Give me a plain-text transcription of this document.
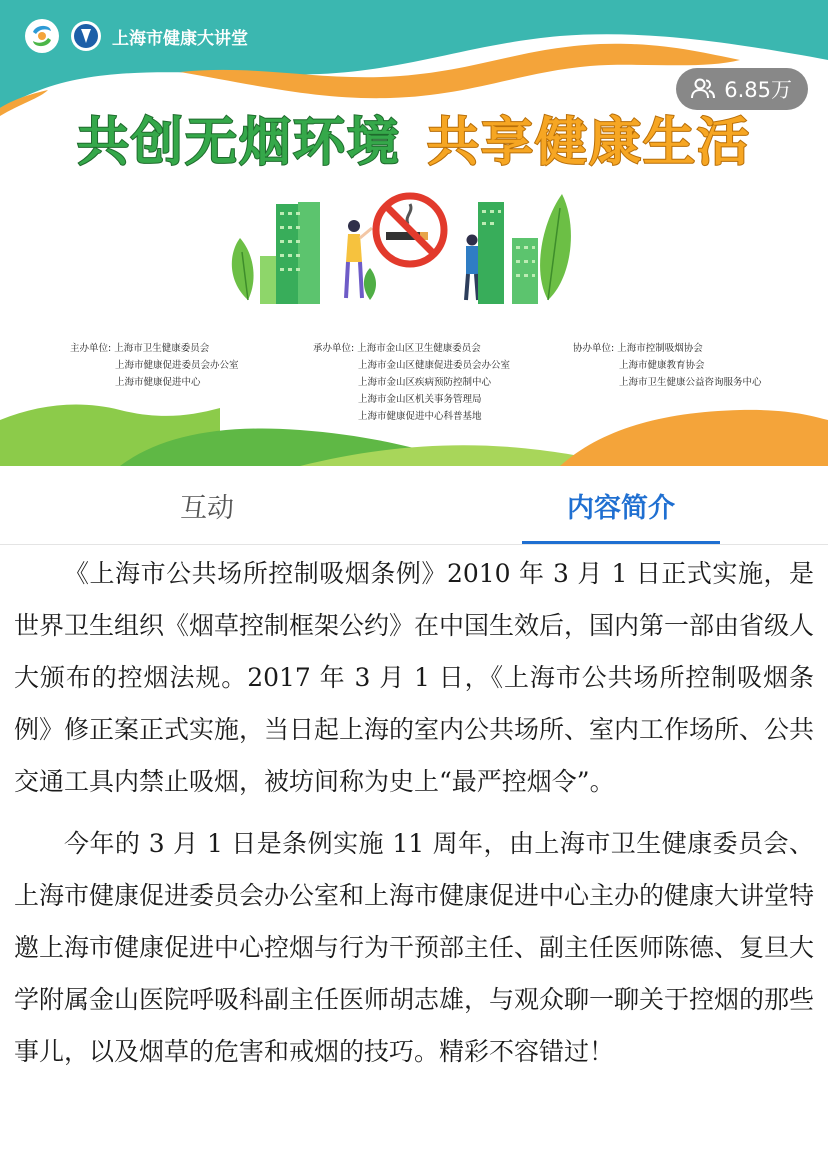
上海市健康大讲堂
6.85万
共创无烟环境 共享健康生活
主办单位: 上海市卫生健康委员会
上海市健康促进委员会办公室
上海市健康促进中心
承办单位: 上海市金山区卫生健康委员会
上海市金山区健康促进委员会办公室
上海市金山区疾病预防控制中心
上海市金山区机关事务管理局
上海市健康促进中心科普基地
协办单位: 上海市控制吸烟协会
上海市健康教育协会
上海市卫生健康公益咨询服务中心
互动	内容简介

《上海市公共场所控制吸烟条例》2010 年 3 月 1 日正式实施，是世界卫生组织《烟草控制框架公约》在中国生效后，国内第一部由省级人大颁布的控烟法规。2017 年 3 月 1 日，《上海市公共场所控制吸烟条例》修正案正式实施，当日起上海的室内公共场所、室内工作场所、公共交通工具内禁止吸烟，被坊间称为史上“最严控烟令”。

今年的 3 月 1 日是条例实施 11 周年，由上海市卫生健康委员会、上海市健康促进委员会办公室和上海市健康促进中心主办的健康大讲堂特邀上海市健康促进中心控烟与行为干预部主任、副主任医师陈德、复旦大学附属金山医院呼吸科副主任医师胡志雄，与观众聊一聊关于控烟的那些事儿，以及烟草的危害和戒烟的技巧。精彩不容错过！
